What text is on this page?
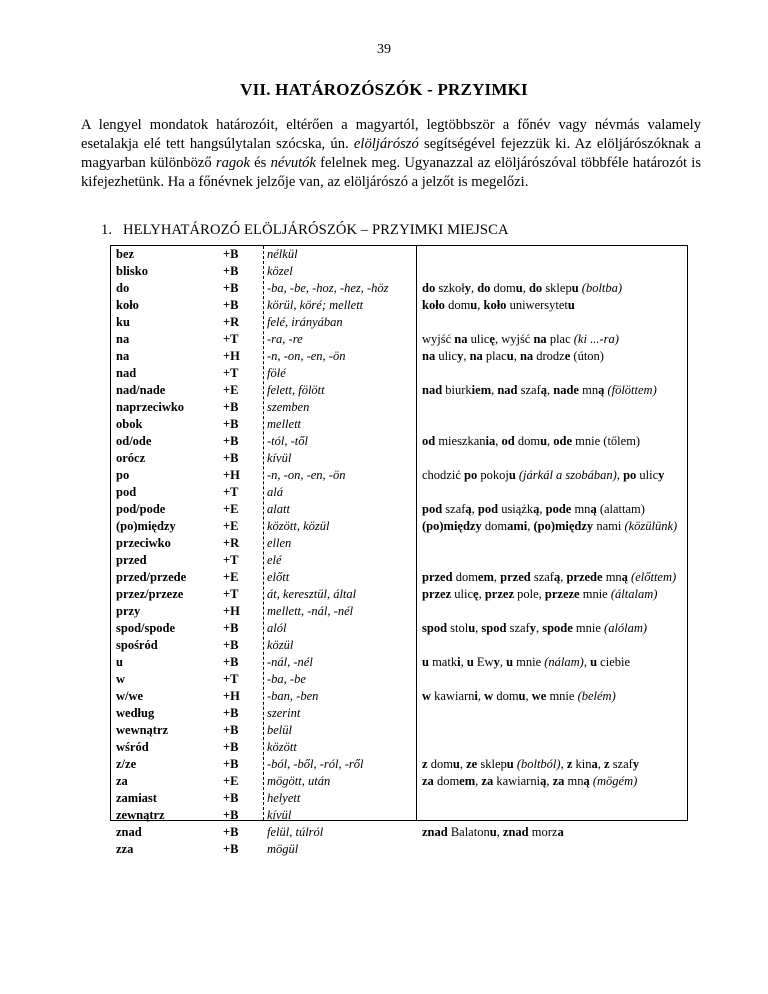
39
VII. HATÁROZÓSZÓK - PRZYIMKI
A lengyel mondatok határozóit, eltérően a magyartól, legtöbbször a főnév vagy névmás valamely esetalakja elé tett hangsúlytalan szócska, ún. elöljárószó segítségével fejezzük ki. Az elöljárószóknak a magyarban különböző ragok és névutók felelnek meg. Ugyanazzal az elöljárószóval többféle határozót is kifejezhetünk. Ha a főnévnek jelzője van, az elöljárószó a jelzőt is megelőzi.
1. HELYHATÁROZÓ ELÖLJÁRÓSZÓK – PRZYIMKI MIEJSCA
bez
blisko
do
koło
ku
na
na
nad
nad/nade
naprzeciwko
obok
od/ode
orócz
po
pod
pod/pode
(po)między
przeciwko
przed
przed/przede
przez/przeze
przy
spod/spode
spośród
u
w
w/we
według
wewnątrz
wśród
z/ze
za
zamiast
zewnątrz
znad
zza
+B
+B
+B
+B
+R
+T
+H
+T
+E
+B
+B
+B
+B
+H
+T
+E
+E
+R
+T
+E
+T
+H
+B
+B
+B
+T
+H
+B
+B
+B
+B
+E
+B
+B
+B
+B
nélkül
közel
-ba, -be, -hoz, -hez, -höz
körül, köré; mellett
felé, irányában
-ra, -re
-n, -on, -en, -ön
fölé
felett, fölött
szemben
mellett
-tól, -től
kívül
-n, -on, -en, -ön
alá
alatt
között, közül
ellen
elé
előtt
át, keresztül, által
mellett, -nál, -nél
alól
közül
-nál, -nél
-ba, -be
-ban, -ben
szerint
belül
között
-ból, -ből, -ról, -ről
mögött, után
helyett
kívül
felül, túlról
mögül
do szkoły, do domu, do sklepu (boltba)
koło domu, koło uniwersytetu
wyjść na ulicę, wyjść na plac (ki ...-ra)
na ulicy, na placu, na drodze (úton)
nad biurkiem, nad szafą, nade mną (fölöttem)
od mieszkania, od domu, ode mnie (tőlem)
chodzić po pokoju (járkál a szobában), po ulicy
pod szafą, pod usiążką, pode mną (alattam)
(po)między domami, (po)między nami (közülünk)
przed domem, przed szafą, przede mną (előttem)
przez ulicę, przez pole, przeze mnie (általam)
spod stolu, spod szafy, spode mnie (alólam)
u matki, u Ewy, u mnie (nálam), u ciebie
w kawiarni, w domu, we mnie (belém)
z domu, ze sklepu (boltból), z kina, z szafy
za domem, za kawiarnią, za mną (mögém)
znad Balatonu, znad morza
